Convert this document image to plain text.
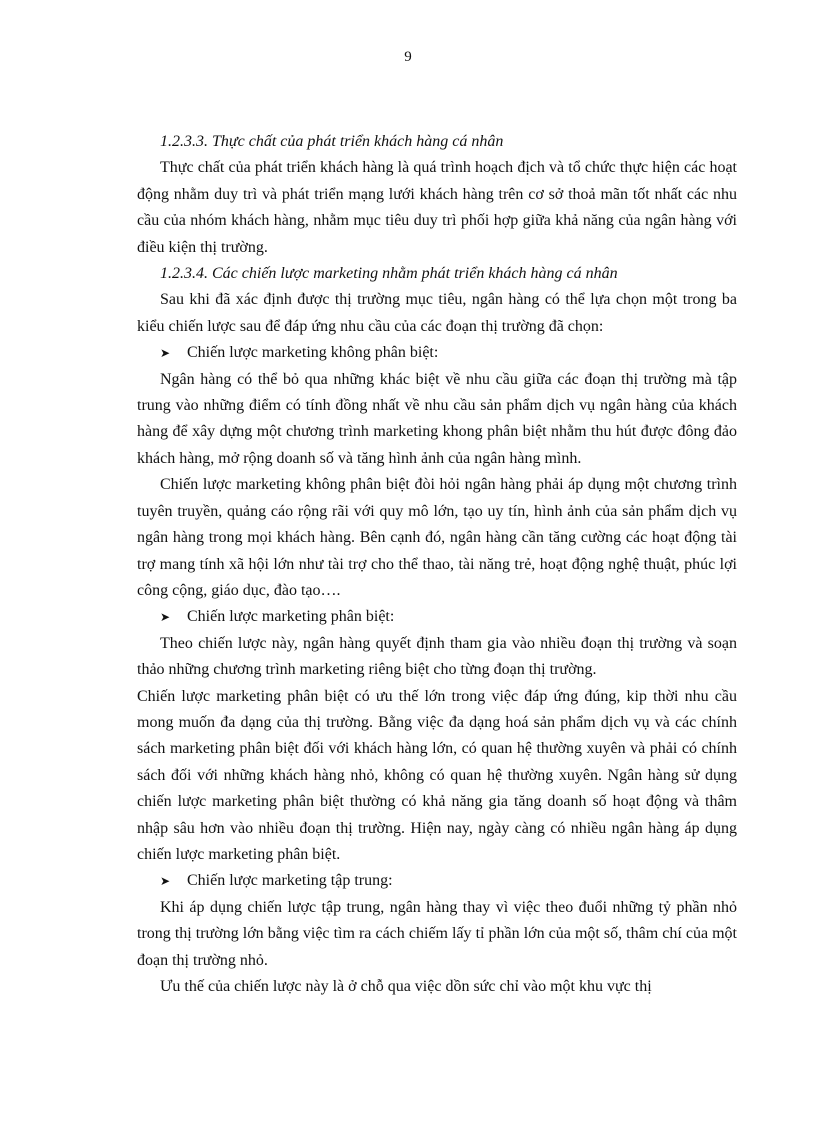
9

1.2.3.3. Thực chất của phát triển khách hàng cá nhân

Thực chất của phát triển khách hàng là quá trình hoạch địch và tổ chức thực hiện các hoạt động nhằm duy trì và phát triển mạng lưới khách hàng trên cơ sở thoả mãn tốt nhất các nhu cầu của nhóm khách hàng, nhằm mục tiêu duy trì phối hợp giữa khả năng của ngân hàng với điều kiện thị trường.

1.2.3.4. Các chiến lược marketing nhằm phát triển khách hàng cá nhân

Sau khi đã xác định được thị trường mục tiêu, ngân hàng có thể lựa chọn một trong ba kiểu chiến lược sau để đáp ứng nhu cầu của các đoạn thị trường đã chọn:

➤ Chiến lược marketing không phân biệt:

Ngân hàng có thể bỏ qua những khác biệt về nhu cầu giữa các đoạn thị trường mà tập trung vào những điểm có tính đồng nhất về nhu cầu sản phẩm dịch vụ ngân hàng của khách hàng để xây dựng một chương trình marketing khong phân biệt nhằm thu hút được đông đảo khách hàng, mở rộng doanh số và tăng hình ảnh của ngân hàng mình.

Chiến lược marketing không phân biệt đòi hỏi ngân hàng phải áp dụng một chương trình tuyên truyền, quảng cáo rộng rãi với quy mô lớn, tạo uy tín, hình ảnh của sản phẩm dịch vụ ngân hàng trong mọi khách hàng. Bên cạnh đó, ngân hàng cần tăng cường các hoạt động tài trợ mang tính xã hội lớn như tài trợ cho thể thao, tài năng trẻ, hoạt động nghệ thuật, phúc lợi công cộng, giáo dục, đào tạo….

➤ Chiến lược marketing phân biệt:

Theo chiến lược này, ngân hàng quyết định tham gia vào nhiều đoạn thị trường và soạn thảo những chương trình marketing riêng biệt cho từng đoạn thị trường.

Chiến lược marketing phân biệt có ưu thế lớn trong việc đáp ứng đúng, kip thời nhu cầu mong muốn đa dạng của thị trường. Bằng việc đa dạng hoá sản phẩm dịch vụ và các chính sách marketing phân biệt đối với khách hàng lớn, có quan hệ thường xuyên và phải có chính sách đối với những khách hàng nhỏ, không có quan hệ thường xuyên. Ngân hàng sử dụng chiến lược marketing phân biệt thường có khả năng gia tăng doanh số hoạt động và thâm nhập sâu hơn vào nhiều đoạn thị trường. Hiện nay, ngày càng có nhiều ngân hàng áp dụng chiến lược marketing phân biệt.

➤ Chiến lược marketing tập trung:

Khi áp dụng chiến lược tập trung, ngân hàng thay vì việc theo đuổi những tỷ phần nhỏ trong thị trường lớn bằng việc tìm ra cách chiếm lấy tỉ phần lớn của một số, thâm chí của một đoạn thị trường nhỏ.

Ưu thế của chiến lược này là ở chỗ qua việc dồn sức chỉ vào một khu vực thị
